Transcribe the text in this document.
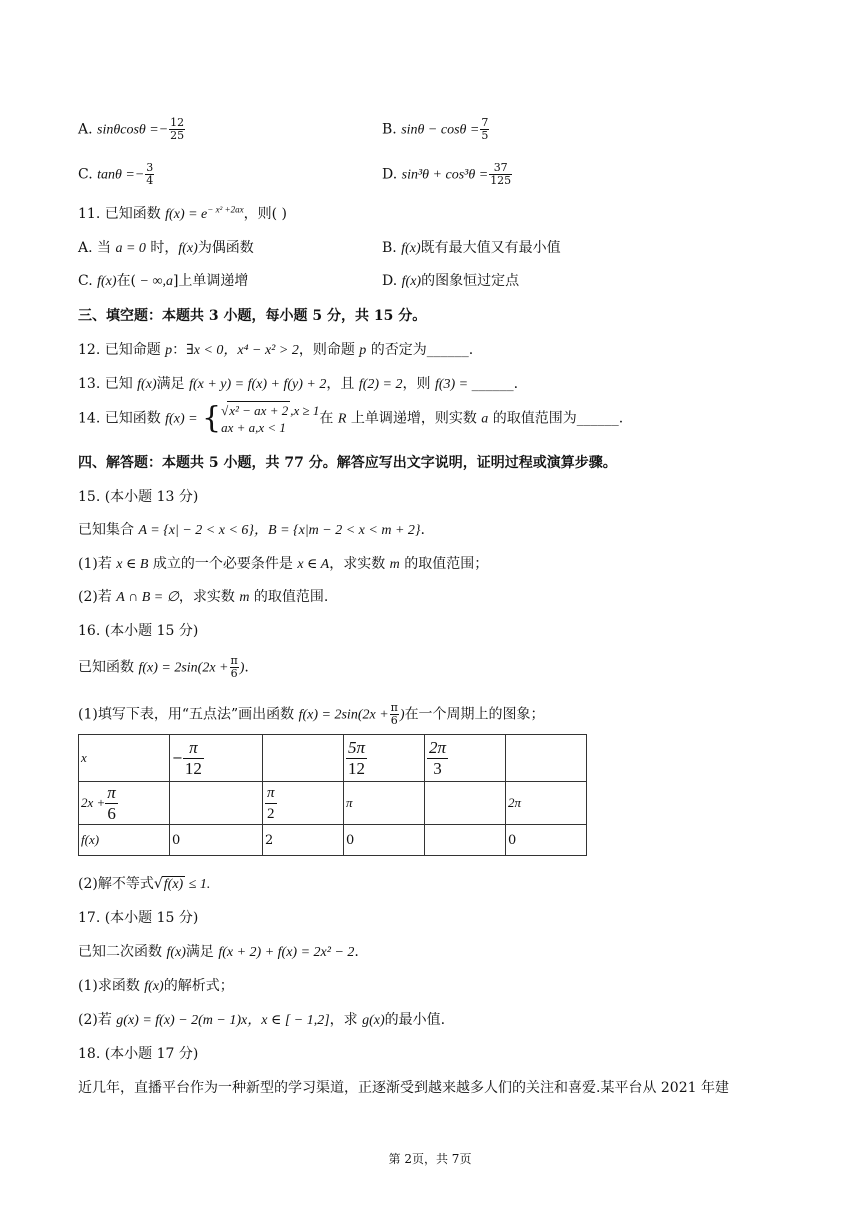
A. $\sin\theta\cos\theta =- \frac{12}{25}$	B. $\sin\theta - \cos\theta = \frac{7}{5}$
C. $\tan\theta =- \frac{3}{4}$	D. $\sin^3\theta + \cos^3\theta = \frac{37}{125}$
11. 已知函数 $f(x) = e^{- x^2 +2ax}$，则( )
A. 当 a = 0 时，f(x)为偶函数	B. f(x)既有最大值又有最小值
C. f(x)在( − ∞,a]上单调递增	D. f(x)的图象恒过定点
三、填空题：本题共 3 小题，每小题 5 分，共 15 分。
12. 已知命题 p：∃x < 0，x⁴ − x² > 2，则命题 p 的否定为______.
13. 已知 f(x)满足 f(x + y) = f(x) + f(y) + 2，且 f(2) = 2，则 f(3) = ______.
14. 已知函数 f(x) = {√x² − ax + 2 ,x ≥ 1
ax + a,x < 1在 R 上单调递增，则实数 a 的取值范围为______.
四、解答题：本题共 5 小题，共 77 分。解答应写出文字说明，证明过程或演算步骤。
15. (本小题 13 分)
已知集合 A = {x| − 2 < x < 6}，B = {x|m − 2 < x < m + 2}.
(1)若 x ∈ B 成立的一个必要条件是 x ∈ A，求实数 m 的取值范围；
(2)若 A ∩ B = ∅，求实数 m 的取值范围.
16. (本小题 15 分)
已知函数 $f(x) = 2\sin(2x + \frac{\pi}{6}$ ).
(1)填写下表，用“五点法”画出函数 $f(x) = 2\sin(2x + \frac{\pi}{6}$ )在一个周期上的图象；
x	− $\frac{\pi}{12}$		$\frac{5\pi}{12}$	$\frac{2\pi}{3}$

$2x + \frac{\pi}{6}$		$\frac{\pi}{2}$	π		2π
f(x)	0	2	0		0
(2)解不等式√f(x) ≤ 1.
17. (本小题 15 分)
已知二次函数 f(x)满足 f(x + 2) + f(x) = 2x² − 2.
(1)求函数 f(x)的解析式；
(2)若 g(x) = f(x) − 2(m − 1)x，x ∈ [ − 1,2]，求 g(x)的最小值.
18. (本小题 17 分)
近几年，直播平台作为一种新型的学习渠道，正逐渐受到越来越多人们的关注和喜爱.某平台从 2021 年建
第 2页，共 7页
